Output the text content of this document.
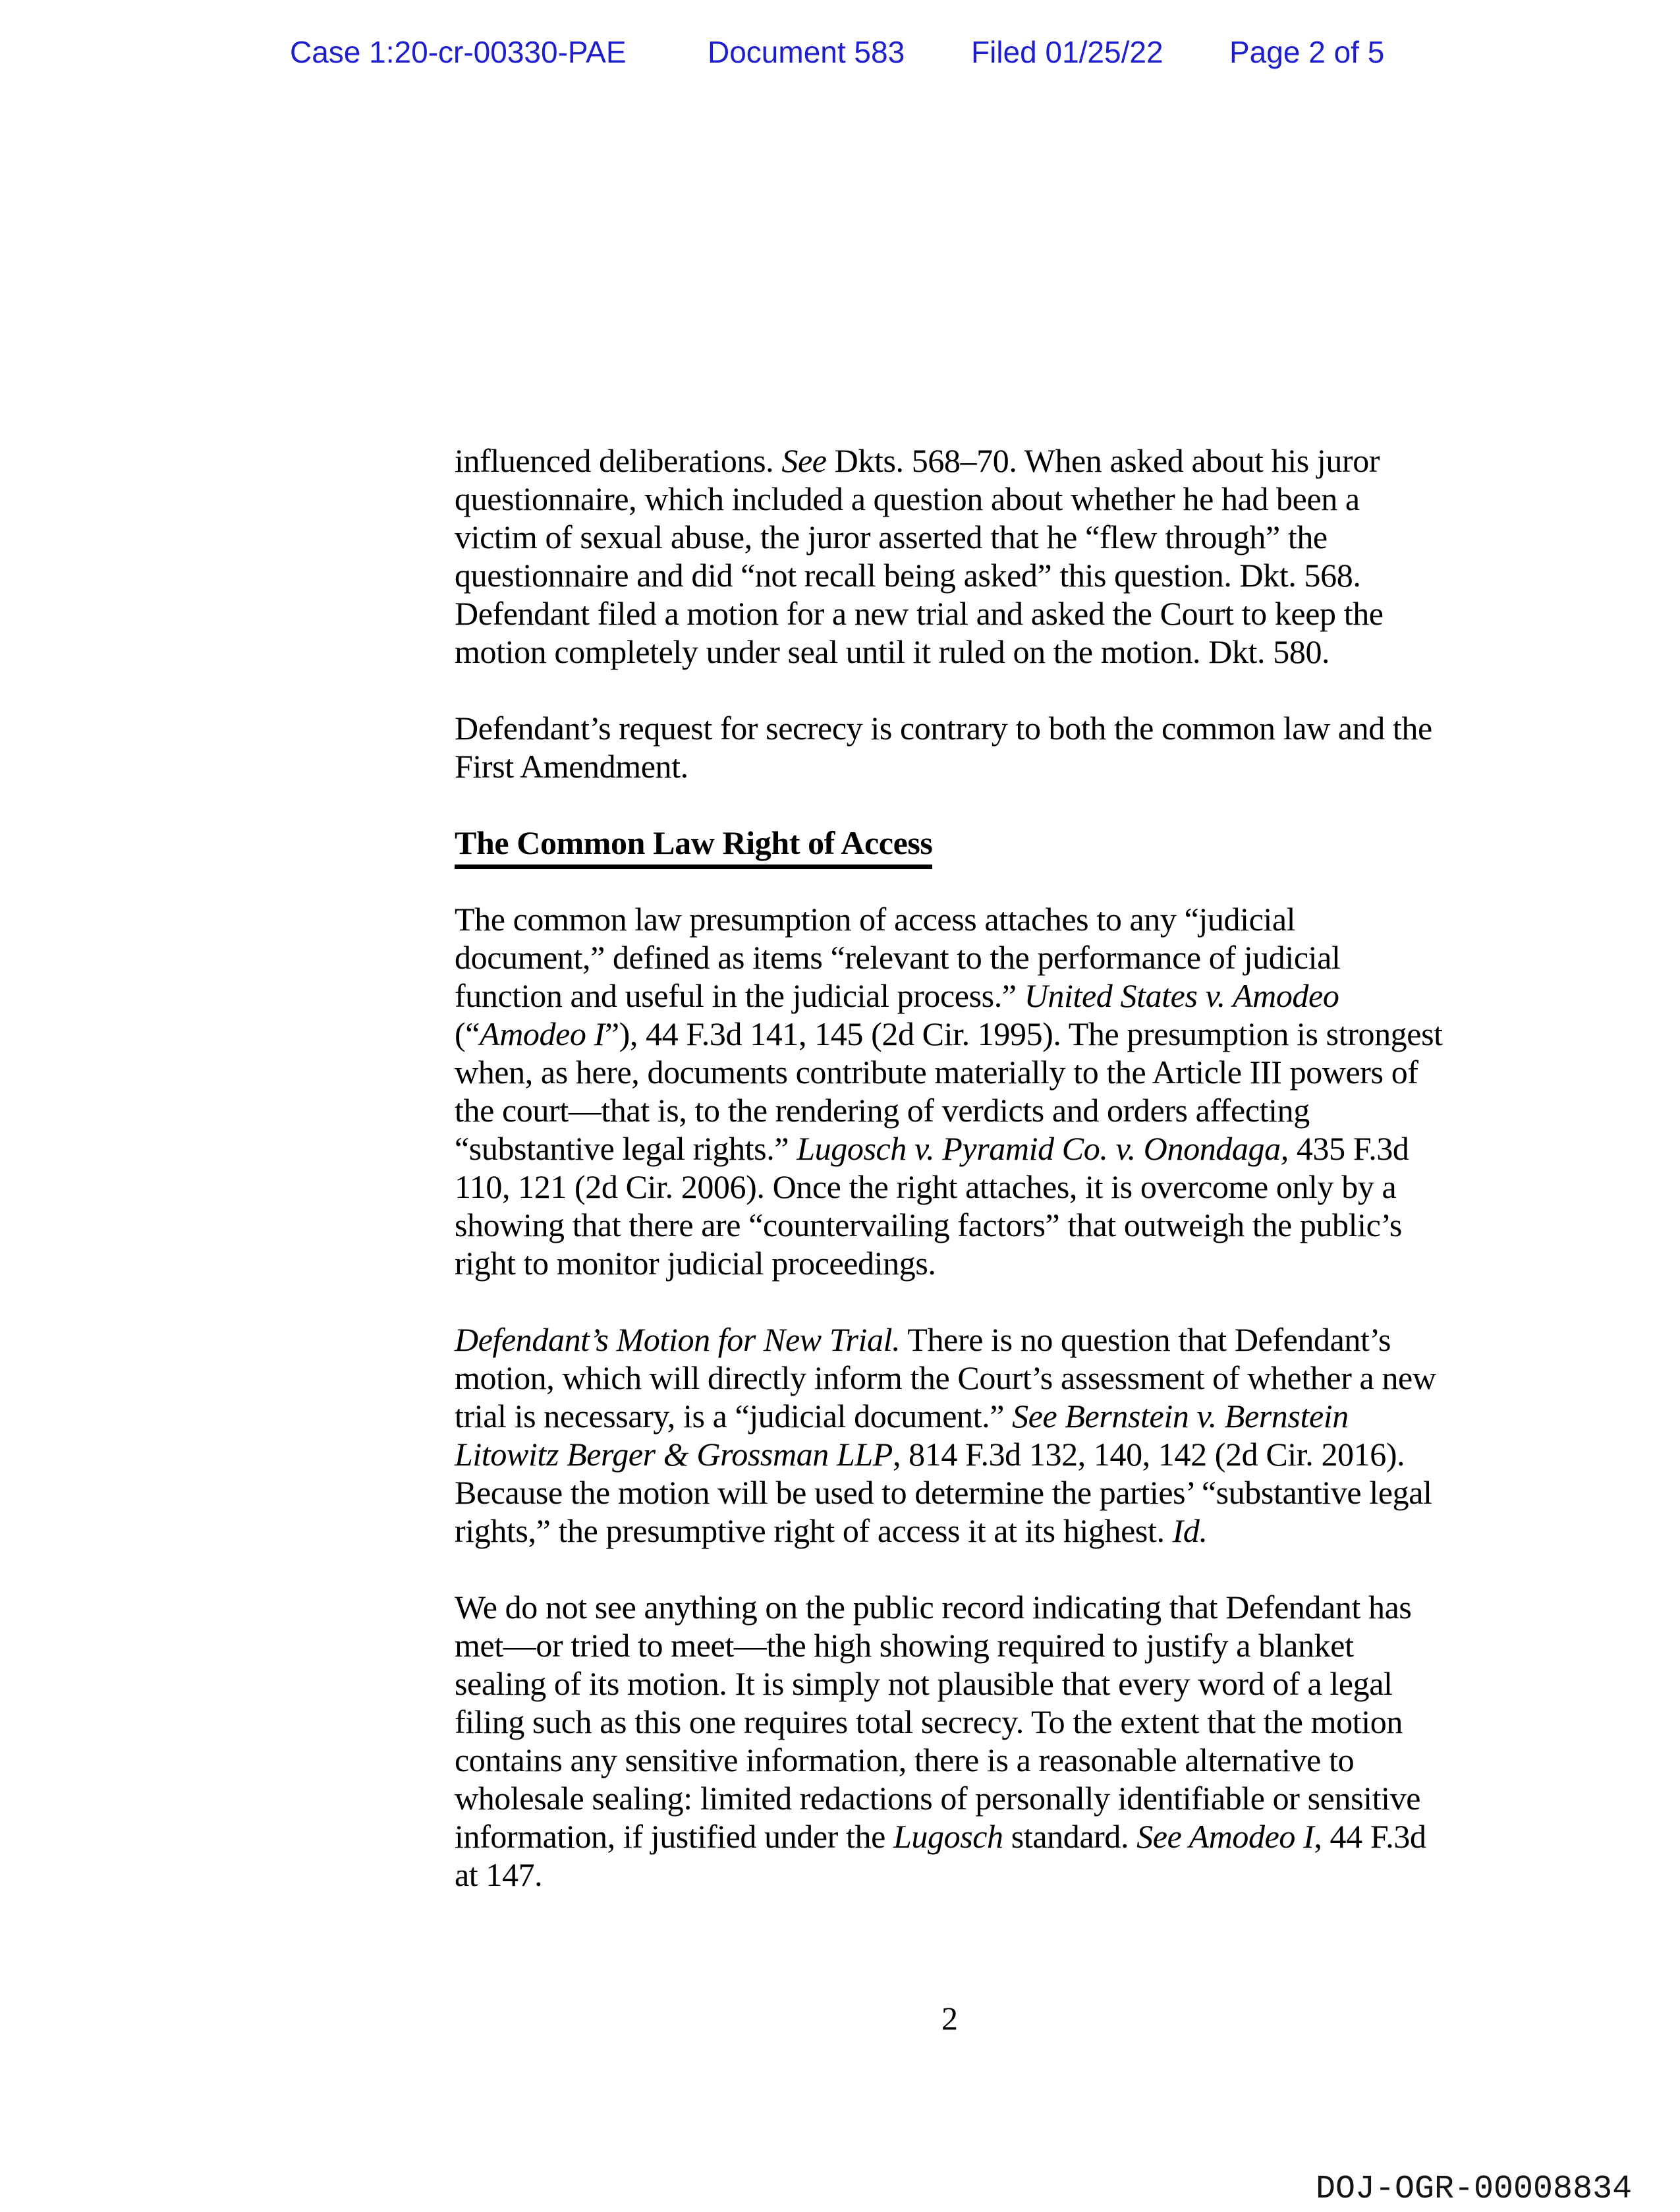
Case 1:20-cr-00330-PAE	Document 583 Filed 01/25/22 Page 2 of 5
influenced deliberations. See Dkts. 568–70. When asked about his juror questionnaire, which included a question about whether he had been a victim of sexual abuse, the juror asserted that he “flew through” the questionnaire and did “not recall being asked” this question. Dkt. 568. Defendant filed a motion for a new trial and asked the Court to keep the motion completely under seal until it ruled on the motion. Dkt. 580.
Defendant’s request for secrecy is contrary to both the common law and the First Amendment.
The Common Law Right of Access
The common law presumption of access attaches to any “judicial document,” defined as items “relevant to the performance of judicial function and useful in the judicial process.” United States v. Amodeo (“Amodeo I”), 44 F.3d 141, 145 (2d Cir. 1995). The presumption is strongest when, as here, documents contribute materially to the Article III powers of the court—that is, to the rendering of verdicts and orders affecting “substantive legal rights.” Lugosch v. Pyramid Co. v. Onondaga, 435 F.3d 110, 121 (2d Cir. 2006). Once the right attaches, it is overcome only by a showing that there are “countervailing factors” that outweigh the public’s right to monitor judicial proceedings.
Defendant’s Motion for New Trial. There is no question that Defendant’s motion, which will directly inform the Court’s assessment of whether a new trial is necessary, is a “judicial document.” See Bernstein v. Bernstein Litowitz Berger & Grossman LLP, 814 F.3d 132, 140, 142 (2d Cir. 2016). Because the motion will be used to determine the parties’ “substantive legal rights,” the presumptive right of access it at its highest. Id.
We do not see anything on the public record indicating that Defendant has met—or tried to meet—the high showing required to justify a blanket sealing of its motion. It is simply not plausible that every word of a legal filing such as this one requires total secrecy. To the extent that the motion contains any sensitive information, there is a reasonable alternative to wholesale sealing: limited redactions of personally identifiable or sensitive information, if justified under the Lugosch standard. See Amodeo I, 44 F.3d at 147.
2
DOJ-OGR-00008834
